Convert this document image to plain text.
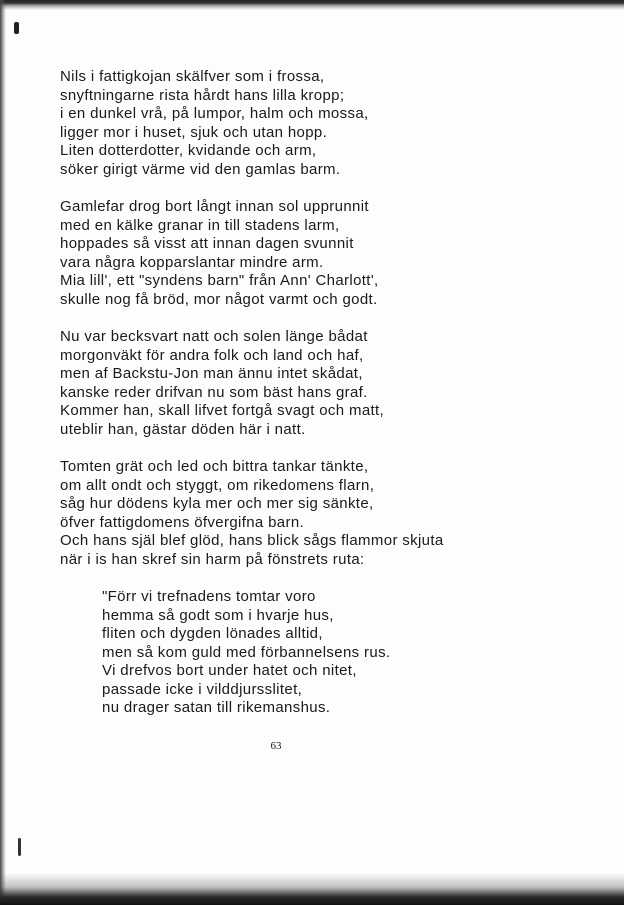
Nils i fattigkojan skälfver som i frossa,
snyftningarne rista hårdt hans lilla kropp;
i en dunkel vrå, på lumpor, halm och mossa,
ligger mor i huset, sjuk och utan hopp.
Liten dotterdotter, kvidande och arm,
söker girigt värme vid den gamlas barm.
Gamlefar drog bort långt innan sol upprunnit
med en kälke granar in till stadens larm,
hoppades så visst att innan dagen svunnit
vara några kopparslantar mindre arm.
Mia lill', ett "syndens barn" från Ann' Charlott',
skulle nog få bröd, mor något varmt och godt.
Nu var becksvart natt och solen länge bådat
morgonväkt för andra folk och land och haf,
men af Backstu-Jon man ännu intet skådat,
kanske reder drifvan nu som bäst hans graf.
Kommer han, skall lifvet fortgå svagt och matt,
uteblir han, gästar döden här i natt.
Tomten grät och led och bittra tankar tänkte,
om allt ondt och styggt, om rikedomens flarn,
såg hur dödens kyla mer och mer sig sänkte,
öfver fattigdomens öfvergifna barn.
Och hans själ blef glöd, hans blick sågs flammor skjuta
när i is han skref sin harm på fönstrets ruta:
"Förr vi trefnadens tomtar voro
hemma så godt som i hvarje hus,
fliten och dygden lönades alltid,
men så kom guld med förbannelsens rus.
Vi drefvos bort under hatet och nitet,
passade icke i vilddjursslitet,
nu drager satan till rikemanshus.
63
